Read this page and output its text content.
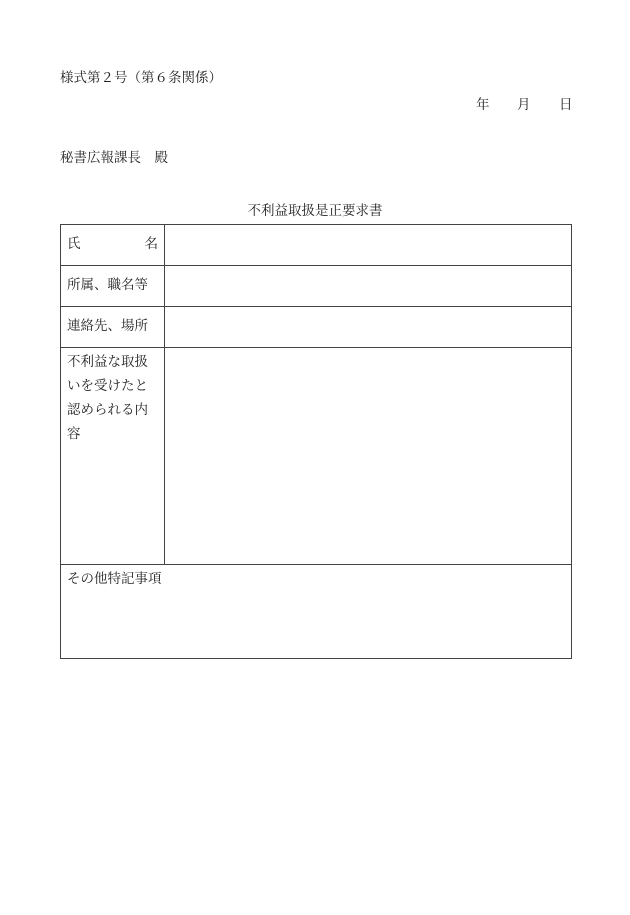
様式第２号（第６条関係）
年 月 日
秘書広報課長　殿
不利益取扱是正要求書
氏 名	

所属、職名等	
連絡先、場所	

不利益な取扱
いを受けたと
認められる内
容	

その他特記事項	
